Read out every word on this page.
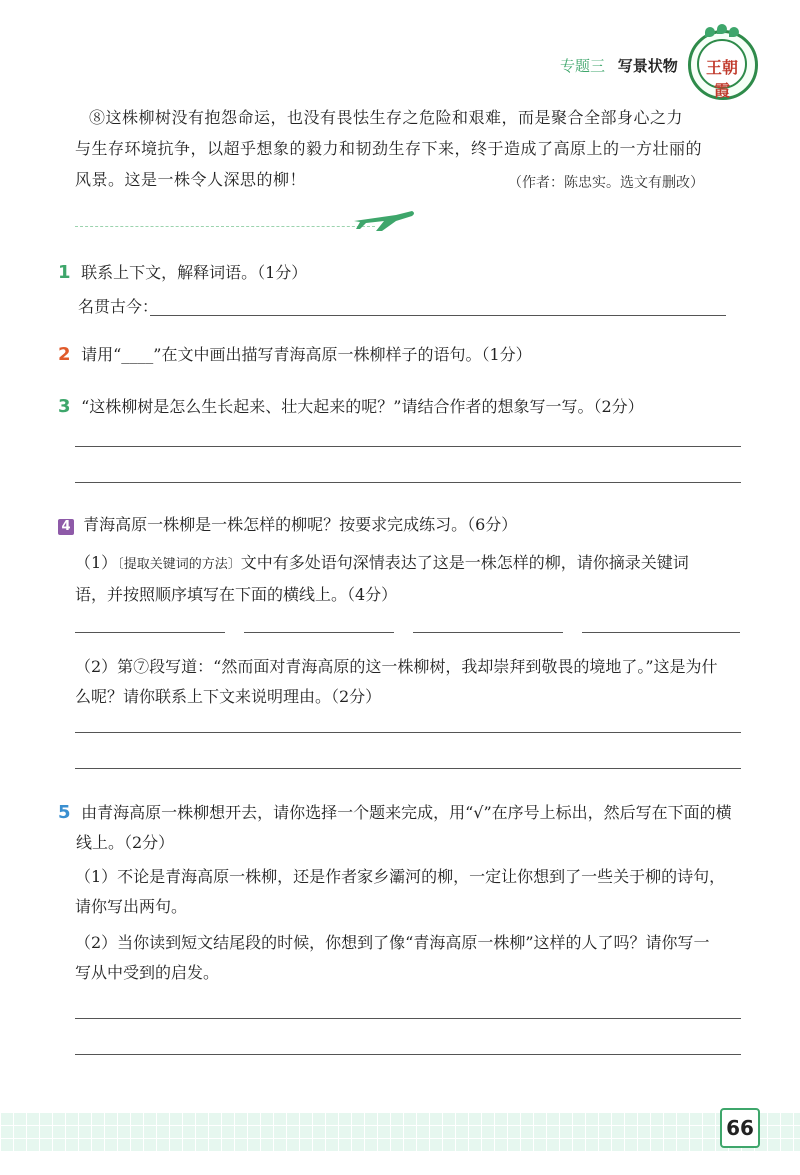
专题三 写景状物	王朝霞
⑧这株柳树没有抱怨命运，也没有畏怯生存之危险和艰难，而是聚合全部身心之力
与生存环境抗争，以超乎想象的毅力和韧劲生存下来，终于造成了高原上的一方壮丽的
风景。这是一株令人深思的柳！	（作者：陈忠实。选文有删改）
1 联系上下文，解释词语。（1分）
名贯古今：
2 请用“____”在文中画出描写青海高原一株柳样子的语句。（1分）
3 “这株柳树是怎么生长起来、壮大起来的呢？”请结合作者的想象写一写。（2分）
4 青海高原一株柳是一株怎样的柳呢？按要求完成练习。（6分）
（1）〔提取关键词的方法〕文中有多处语句深情表达了这是一株怎样的柳，请你摘录关键词
语，并按照顺序填写在下面的横线上。（4分）
（2）第⑦段写道：“然而面对青海高原的这一株柳树，我却崇拜到敬畏的境地了。”这是为什
么呢？请你联系上下文来说明理由。（2分）
5 由青海高原一株柳想开去，请你选择一个题来完成，用“√”在序号上标出，然后写在下面的横
线上。（2分）
（1）不论是青海高原一株柳，还是作者家乡灞河的柳，一定让你想到了一些关于柳的诗句，
请你写出两句。
（2）当你读到短文结尾段的时候，你想到了像“青海高原一株柳”这样的人了吗？请你写一
写从中受到的启发。
66
